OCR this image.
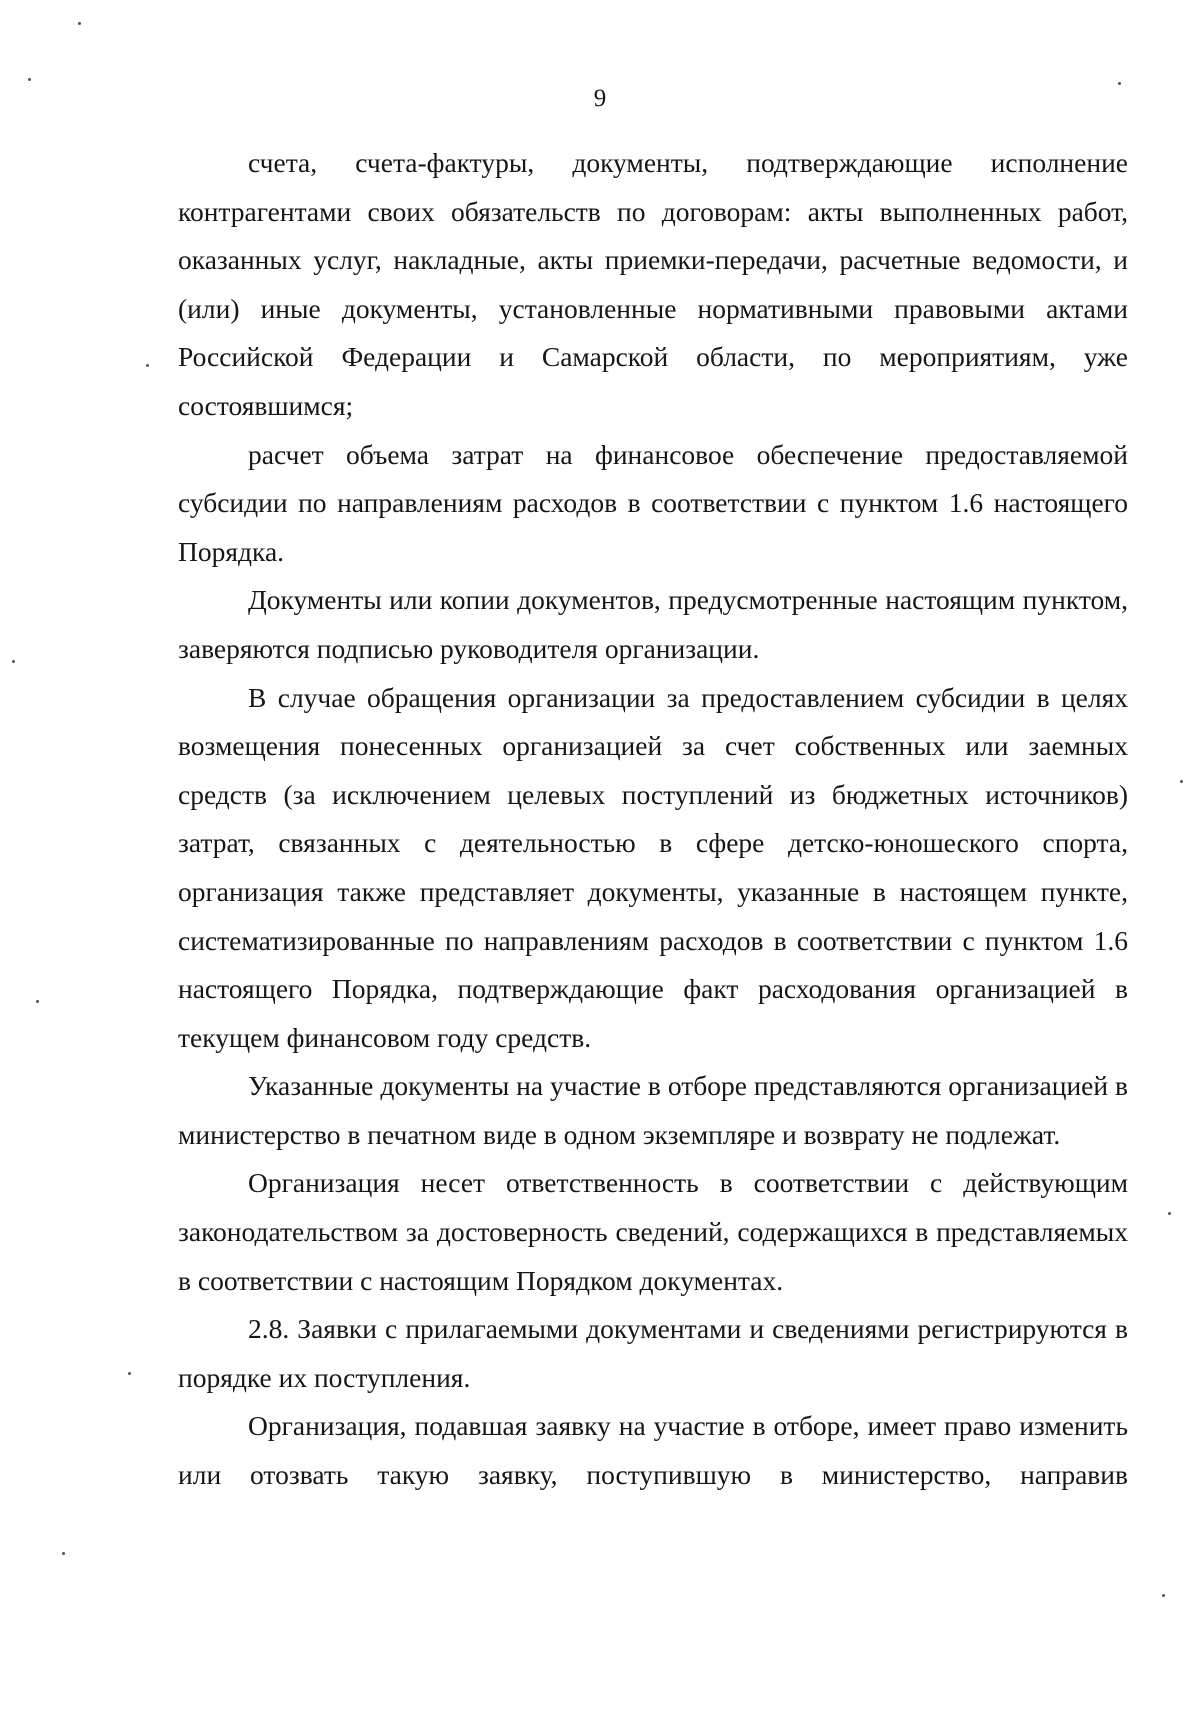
9

счета, счета-фактуры, документы, подтверждающие исполнение контрагентами своих обязательств по договорам: акты выполненных работ, оказанных услуг, накладные, акты приемки-передачи, расчетные ведомости, и (или) иные документы, установленные нормативными правовыми актами Российской Федерации и Самарской области, по мероприятиям, уже состоявшимся;

расчет объема затрат на финансовое обеспечение предоставляемой субсидии по направлениям расходов в соответствии с пунктом 1.6 настоящего Порядка.

Документы или копии документов, предусмотренные настоящим пунктом, заверяются подписью руководителя организации.

В случае обращения организации за предоставлением субсидии в целях возмещения понесенных организацией за счет собственных или заемных средств (за исключением целевых поступлений из бюджетных источников) затрат, связанных с деятельностью в сфере детско-юношеского спорта, организация также представляет документы, указанные в настоящем пункте, систематизированные по направлениям расходов в соответствии с пунктом 1.6 настоящего Порядка, подтверждающие факт расходования организацией в текущем финансовом году средств.

Указанные документы на участие в отборе представляются организацией в министерство в печатном виде в одном экземпляре и возврату не подлежат.

Организация несет ответственность в соответствии с действующим законодательством за достоверность сведений, содержащихся в представляемых в соответствии с настоящим Порядком документах.

2.8. Заявки с прилагаемыми документами и сведениями регистрируются в порядке их поступления.

Организация, подавшая заявку на участие в отборе, имеет право изменить или отозвать такую заявку, поступившую в министерство, направив
